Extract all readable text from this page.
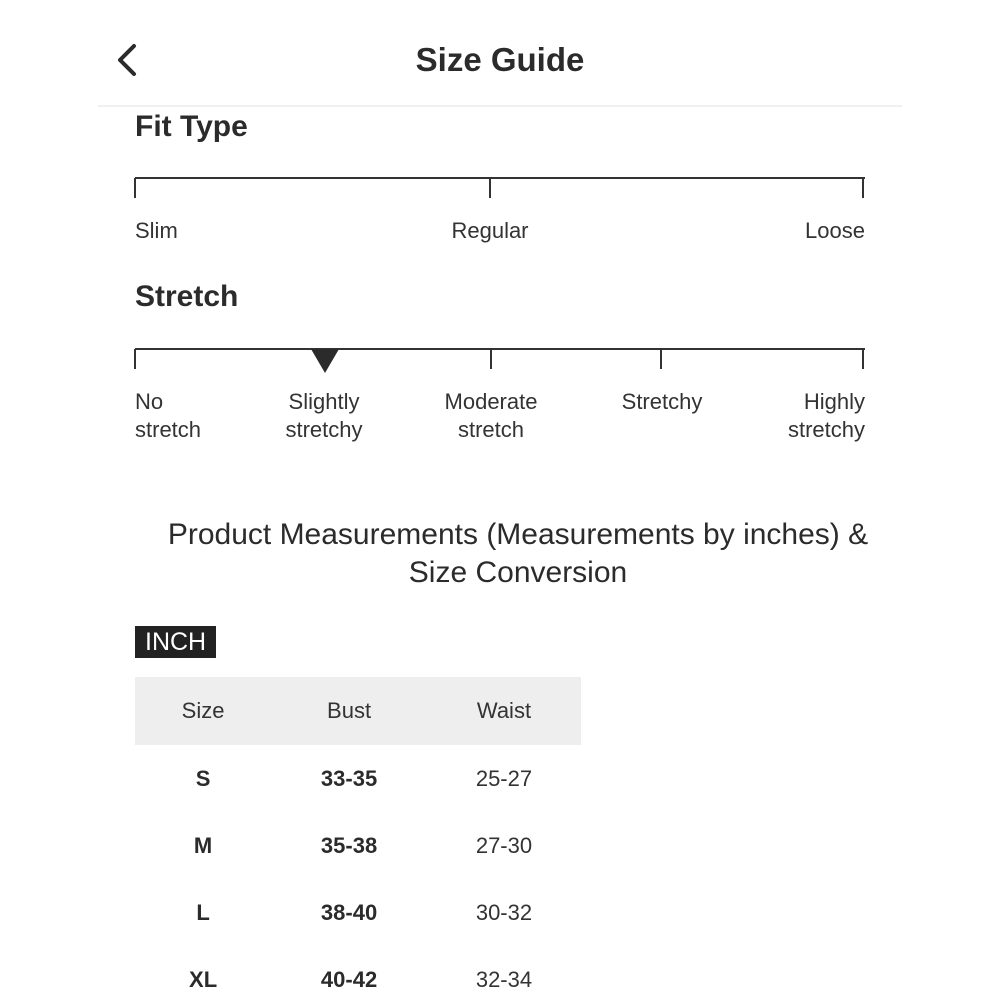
Size Guide
Fit Type
Slim	Regular	Loose
Stretch
No
stretch
Slightly
stretchy
Moderate
stretch
Stretchy	Highly
stretchy
Product Measurements (Measurements by inches) & Size Conversion
INCH
Size	Bust	Waist
S	33-35	25-27
M	35-38	27-30
L	38-40	30-32
XL	40-42	32-34
